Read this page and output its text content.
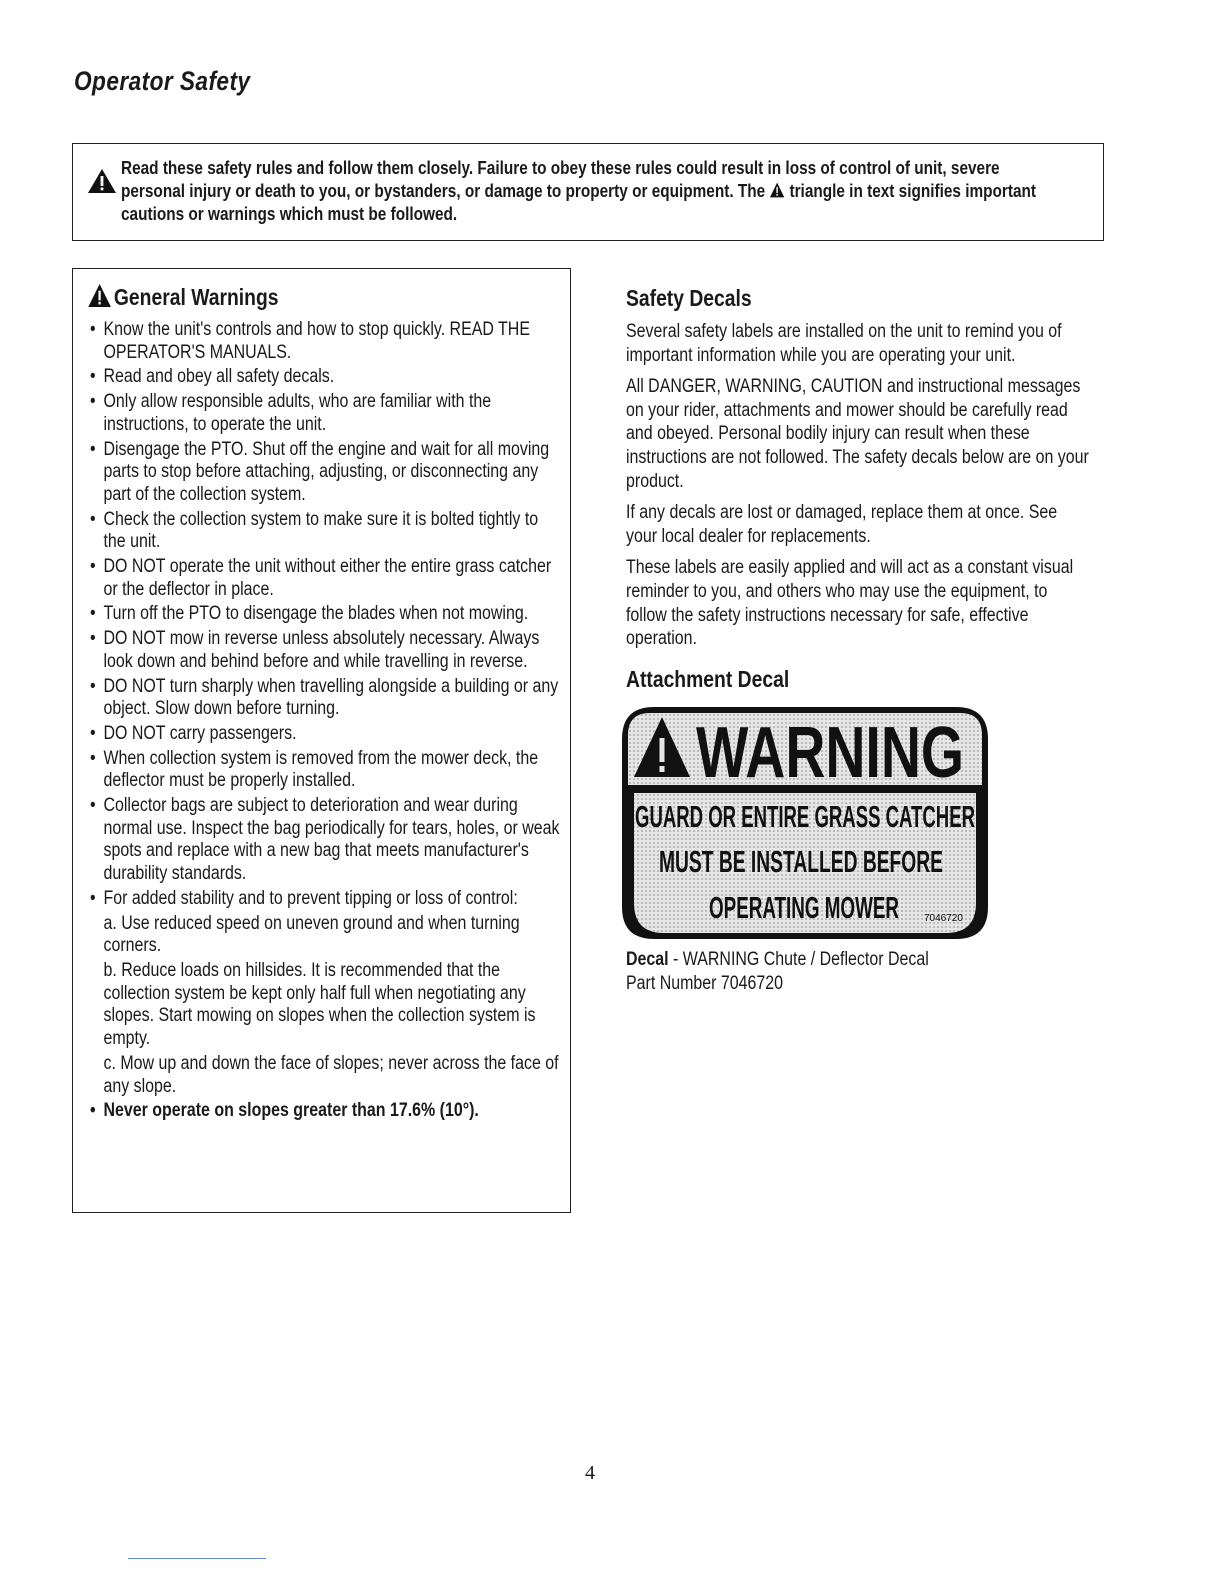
Operator Safety

Read these safety rules and follow them closely. Failure to obey these rules could result in loss of control of unit, severe personal injury or death to you, or bystanders, or damage to property or equipment. The triangle in text signifies important cautions or warnings which must be followed.

General Warnings
• Know the unit's controls and how to stop quickly. READ THE OPERATOR'S MANUALS.
• Read and obey all safety decals.
• Only allow responsible adults, who are familiar with the instructions, to operate the unit.
• Disengage the PTO. Shut off the engine and wait for all moving parts to stop before attaching, adjusting, or disconnecting any part of the collection system.
• Check the collection system to make sure it is bolted tightly to the unit.
• DO NOT operate the unit without either the entire grass catcher or the deflector in place.
• Turn off the PTO to disengage the blades when not mowing.
• DO NOT mow in reverse unless absolutely necessary. Always look down and behind before and while travelling in reverse.
• DO NOT turn sharply when travelling alongside a building or any object. Slow down before turning.
• DO NOT carry passengers.
• When collection system is removed from the mower deck, the deflector must be properly installed.
• Collector bags are subject to deterioration and wear during normal use. Inspect the bag periodically for tears, holes, or weak spots and replace with a new bag that meets manufacturer's durability standards.
• For added stability and to prevent tipping or loss of control:

a. Use reduced speed on uneven ground and when turning corners.

b. Reduce loads on hillsides. It is recommended that the collection system be kept only half full when negotiating any slopes. Start mowing on slopes when the collection system is empty.

c. Mow up and down the face of slopes; never across the face of any slope.

• Never operate on slopes greater than 17.6% (10°).
Safety Decals

Several safety labels are installed on the unit to remind you of important information while you are operating your unit.

All DANGER, WARNING, CAUTION and instructional messages on your rider, attachments and mower should be carefully read and obeyed. Personal bodily injury can result when these instructions are not followed. The safety decals below are on your product.

If any decals are lost or damaged, replace them at once. See your local dealer for replacements.

These labels are easily applied and will act as a constant visual reminder to you, and others who may use the equipment, to follow the safety instructions necessary for safe, effective operation.

Attachment Decal
WARNING
GUARD OR ENTIRE GRASS CATCHER
MUST BE INSTALLED BEFORE
OPERATING MOWER	7046720

Decal - WARNING Chute / Deflector Decal
Part Number 7046720

4
